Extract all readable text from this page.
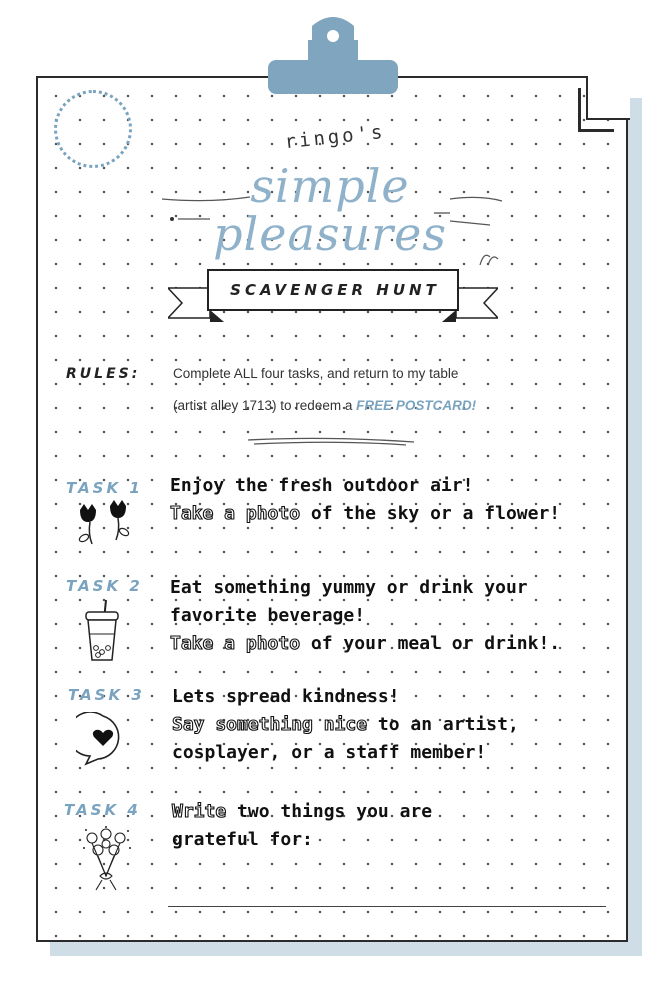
ringo's
simple
pleasures
SCAVENGER HUNT
RULES: Complete ALL four tasks, and return to my table
(artist alley 1713) to redeem a FREE POSTCARD!
TASK 1 Enjoy the fresh outdoor air!
Take a photo of the sky or a flower!
TASK 2 Eat something yummy or drink your
favorite beverage!
Take a photo of your meal or drink!.
TASK 3 Lets spread kindness!
Say something nice to an artist,
cosplayer, or a staff member!
TASK 4 Write two things you are
grateful for:
